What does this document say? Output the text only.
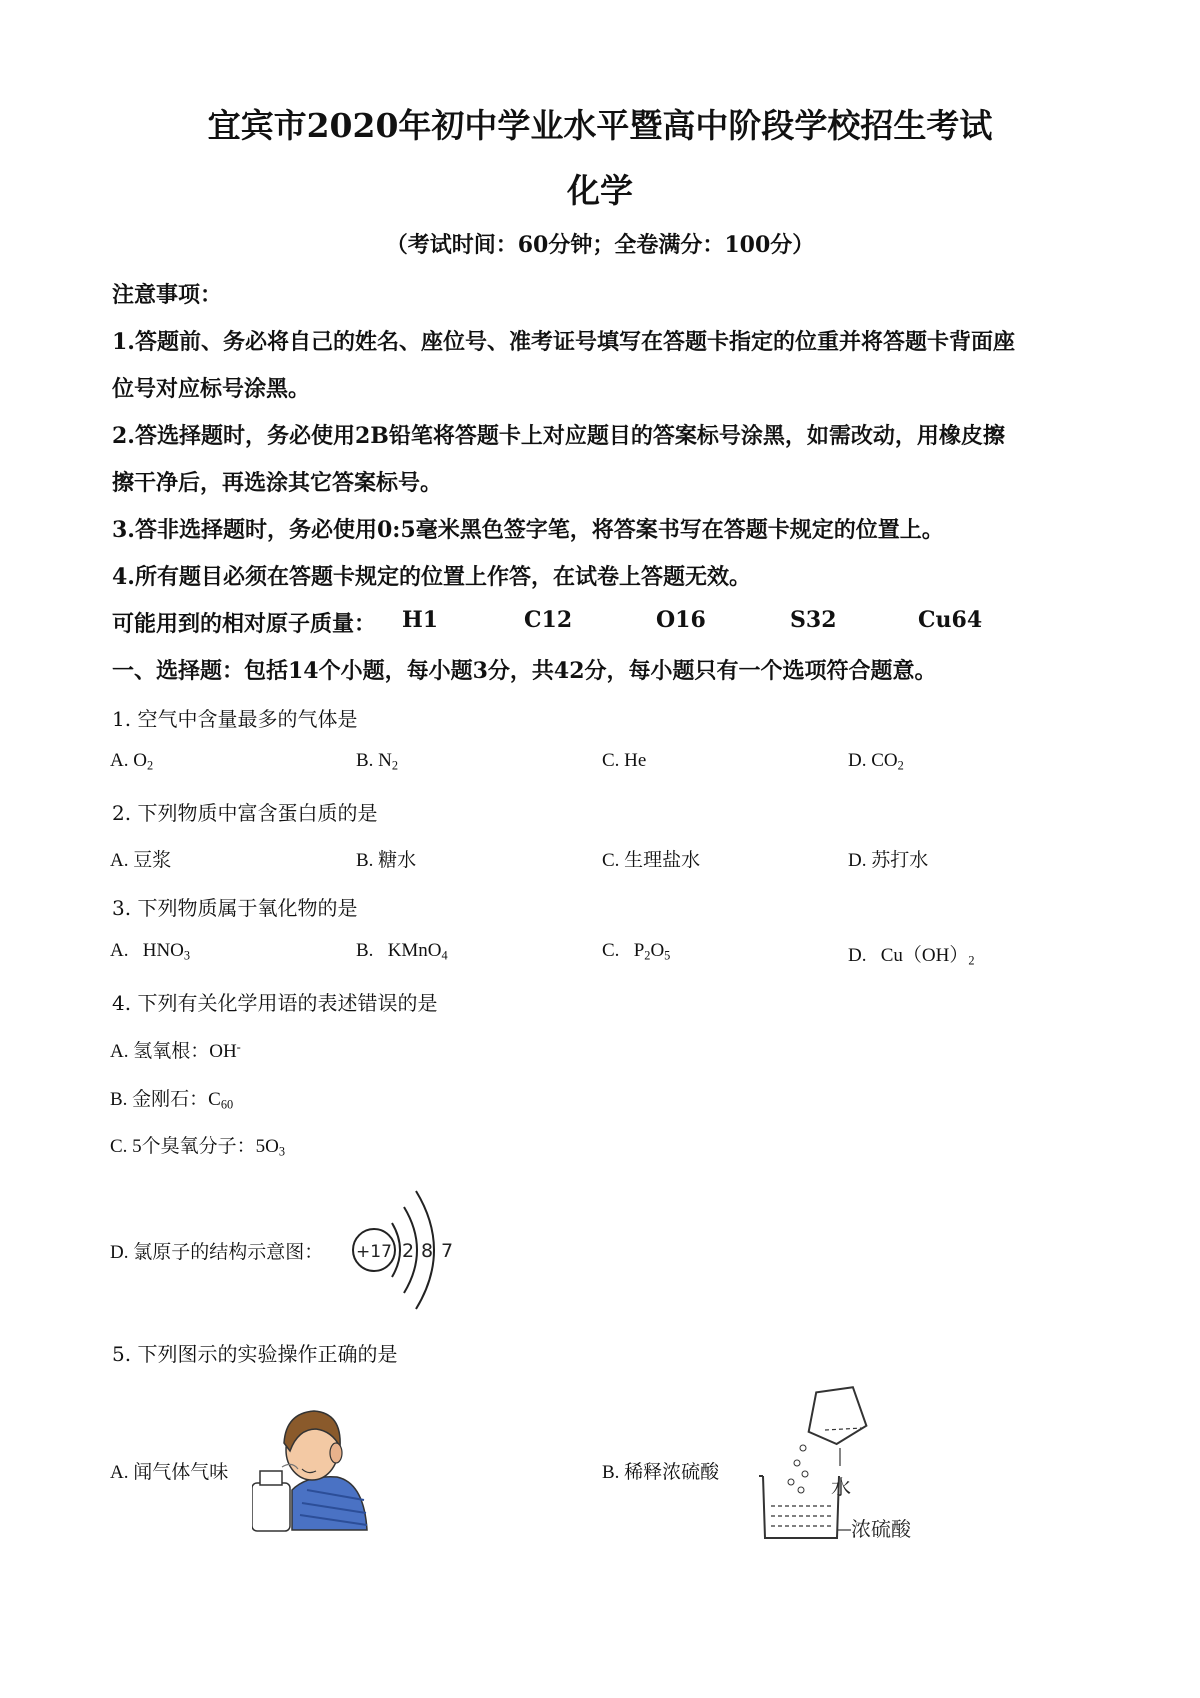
宜宾市2020年初中学业水平暨高中阶段学校招生考试
化学
（考试时间：60分钟；全卷满分：100分）
注意事项：
1.答题前、务必将自己的姓名、座位号、准考证号填写在答题卡指定的位重并将答题卡背面座
位号对应标号涂黑。
2.答选择题时，务必使用2B铅笔将答题卡上对应题目的答案标号涂黑，如需改动，用橡皮擦
擦干净后，再选涂其它答案标号。
3.答非选择题时，务必使用0:5毫米黑色签字笔，将答案书写在答题卡规定的位置上。
4.所有题目必须在答题卡规定的位置上作答，在试卷上答题无效。
可能用到的相对原子质量： H1	C12	O16	S32	Cu64
一、选择题：包括14个小题，每小题3分，共42分，每小题只有一个选项符合题意。
1. 空气中含量最多的气体是
A. $O_2$	B. $N_2$	C. He	D. $CO_2$
2. 下列物质中富含蛋白质的是
A. 豆浆	B. 糖水	C. 生理盐水	D. 苏打水
3. 下列物质属于氧化物的是
A. $HNO_3$	B. KMnO$_4$	C. $P_2O_5$	D. $Cu(OH)_2$
4. 下列有关化学用语的表述错误的是
A. 氢氧根：OH-
B. 金刚石：$C_{60}$
C. 5个臭氧分子：$5O_3$
D. 氯原子的结构示意图： +17 2 8 7
5. 下列图示的实验操作正确的是
A. 闻气体气味	B. 稀释浓硫酸
水
浓硫酸
